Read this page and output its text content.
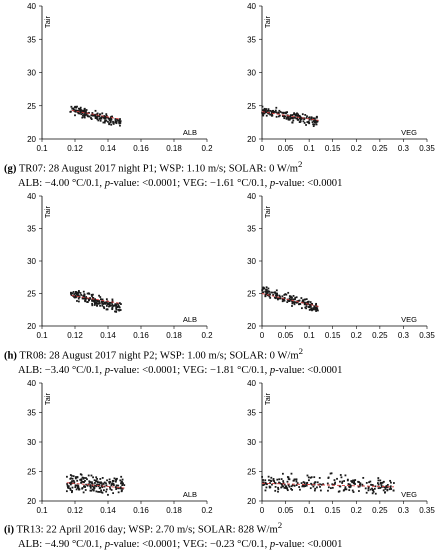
20
25
30
35
40
0.1 0.12 0.14 0.16 0.18 0.2
Tair
ALB
20
25
30
35
40
0 0.05 0.1 0.15 0.2 0.25 0.3 0.35
Tair
VEG
(g) TR07: 28 August 2017 night P1; WSP: 1.10 m/s; SOLAR: 0 $W/m^2$
ALB: −4.00 °C/0.1, p-value: <0.0001; VEG: −1.61 °C/0.1, p-value: <0.0001
20
25
30
35
40
0.1 0.12 0.14 0.16 0.18 0.2
Tair
ALB
20
25
30
35
40
0 0.05 0.1 0.15 0.2 0.25 0.3 0.35
Tair
VEG
(h) TR08: 28 August 2017 night P2; WSP: 1.00 m/s; SOLAR: 0 $W/m^2$
ALB: −3.40 °C/0.1, p-value: <0.0001; VEG: −1.81 °C/0.1, p-value: <0.0001
20
25
30
35
40
0.1 0.12 0.14 0.16 0.18 0.2
Tair
ALB
20
25
30
35
40
0 0.05 0.1 0.15 0.2 0.25 0.3 0.35
Tair
VEG
(i) TR13: 22 April 2016 day; WSP: 2.70 m/s; SOLAR: 828 $W/m^2$
ALB: −4.90 °C/0.1, p-value: <0.0001; VEG: −0.23 °C/0.1, p-value: <0.0001
